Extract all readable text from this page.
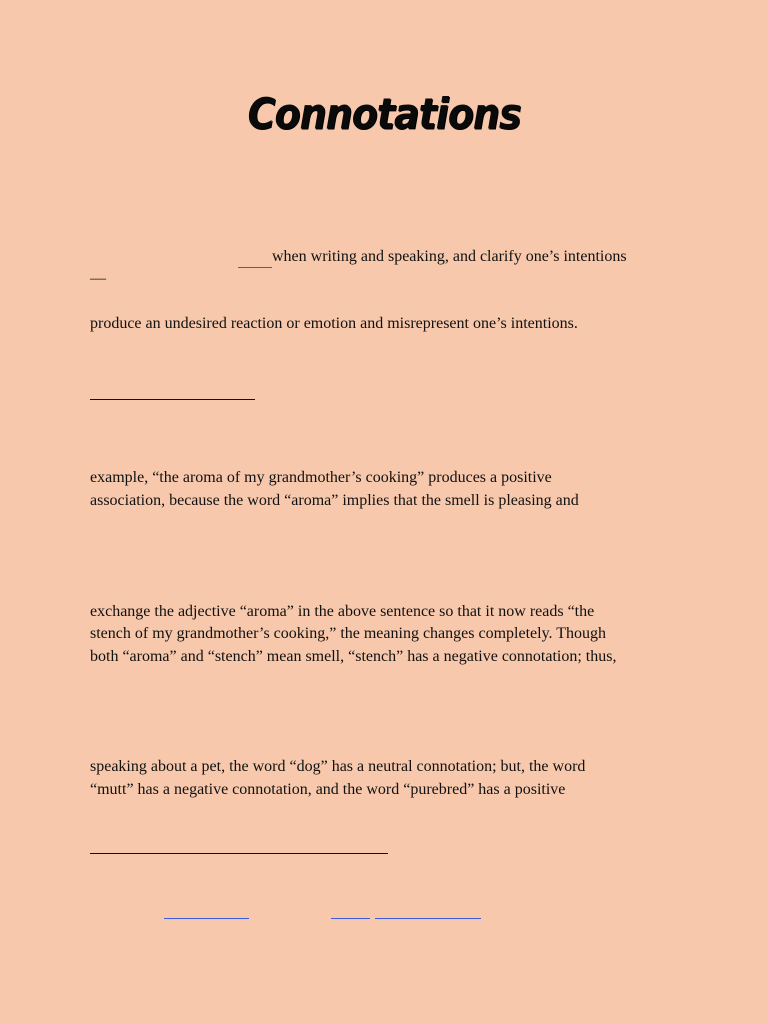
Connotations
when writing and speaking, and clarify one’s intentions
—
produce an undesired reaction or emotion and misrepresent one’s intentions.
example, “the aroma of my grandmother’s cooking” produces a positive
association, because the word “aroma” implies that the smell is pleasing and
exchange the adjective “aroma” in the above sentence so that it now reads “the
stench of my grandmother’s cooking,” the meaning changes completely. Though
both “aroma” and “stench” mean smell, “stench” has a negative connotation; thus,
speaking about a pet, the word “dog” has a neutral connotation; but, the word
“mutt” has a negative connotation, and the word “purebred” has a positive
